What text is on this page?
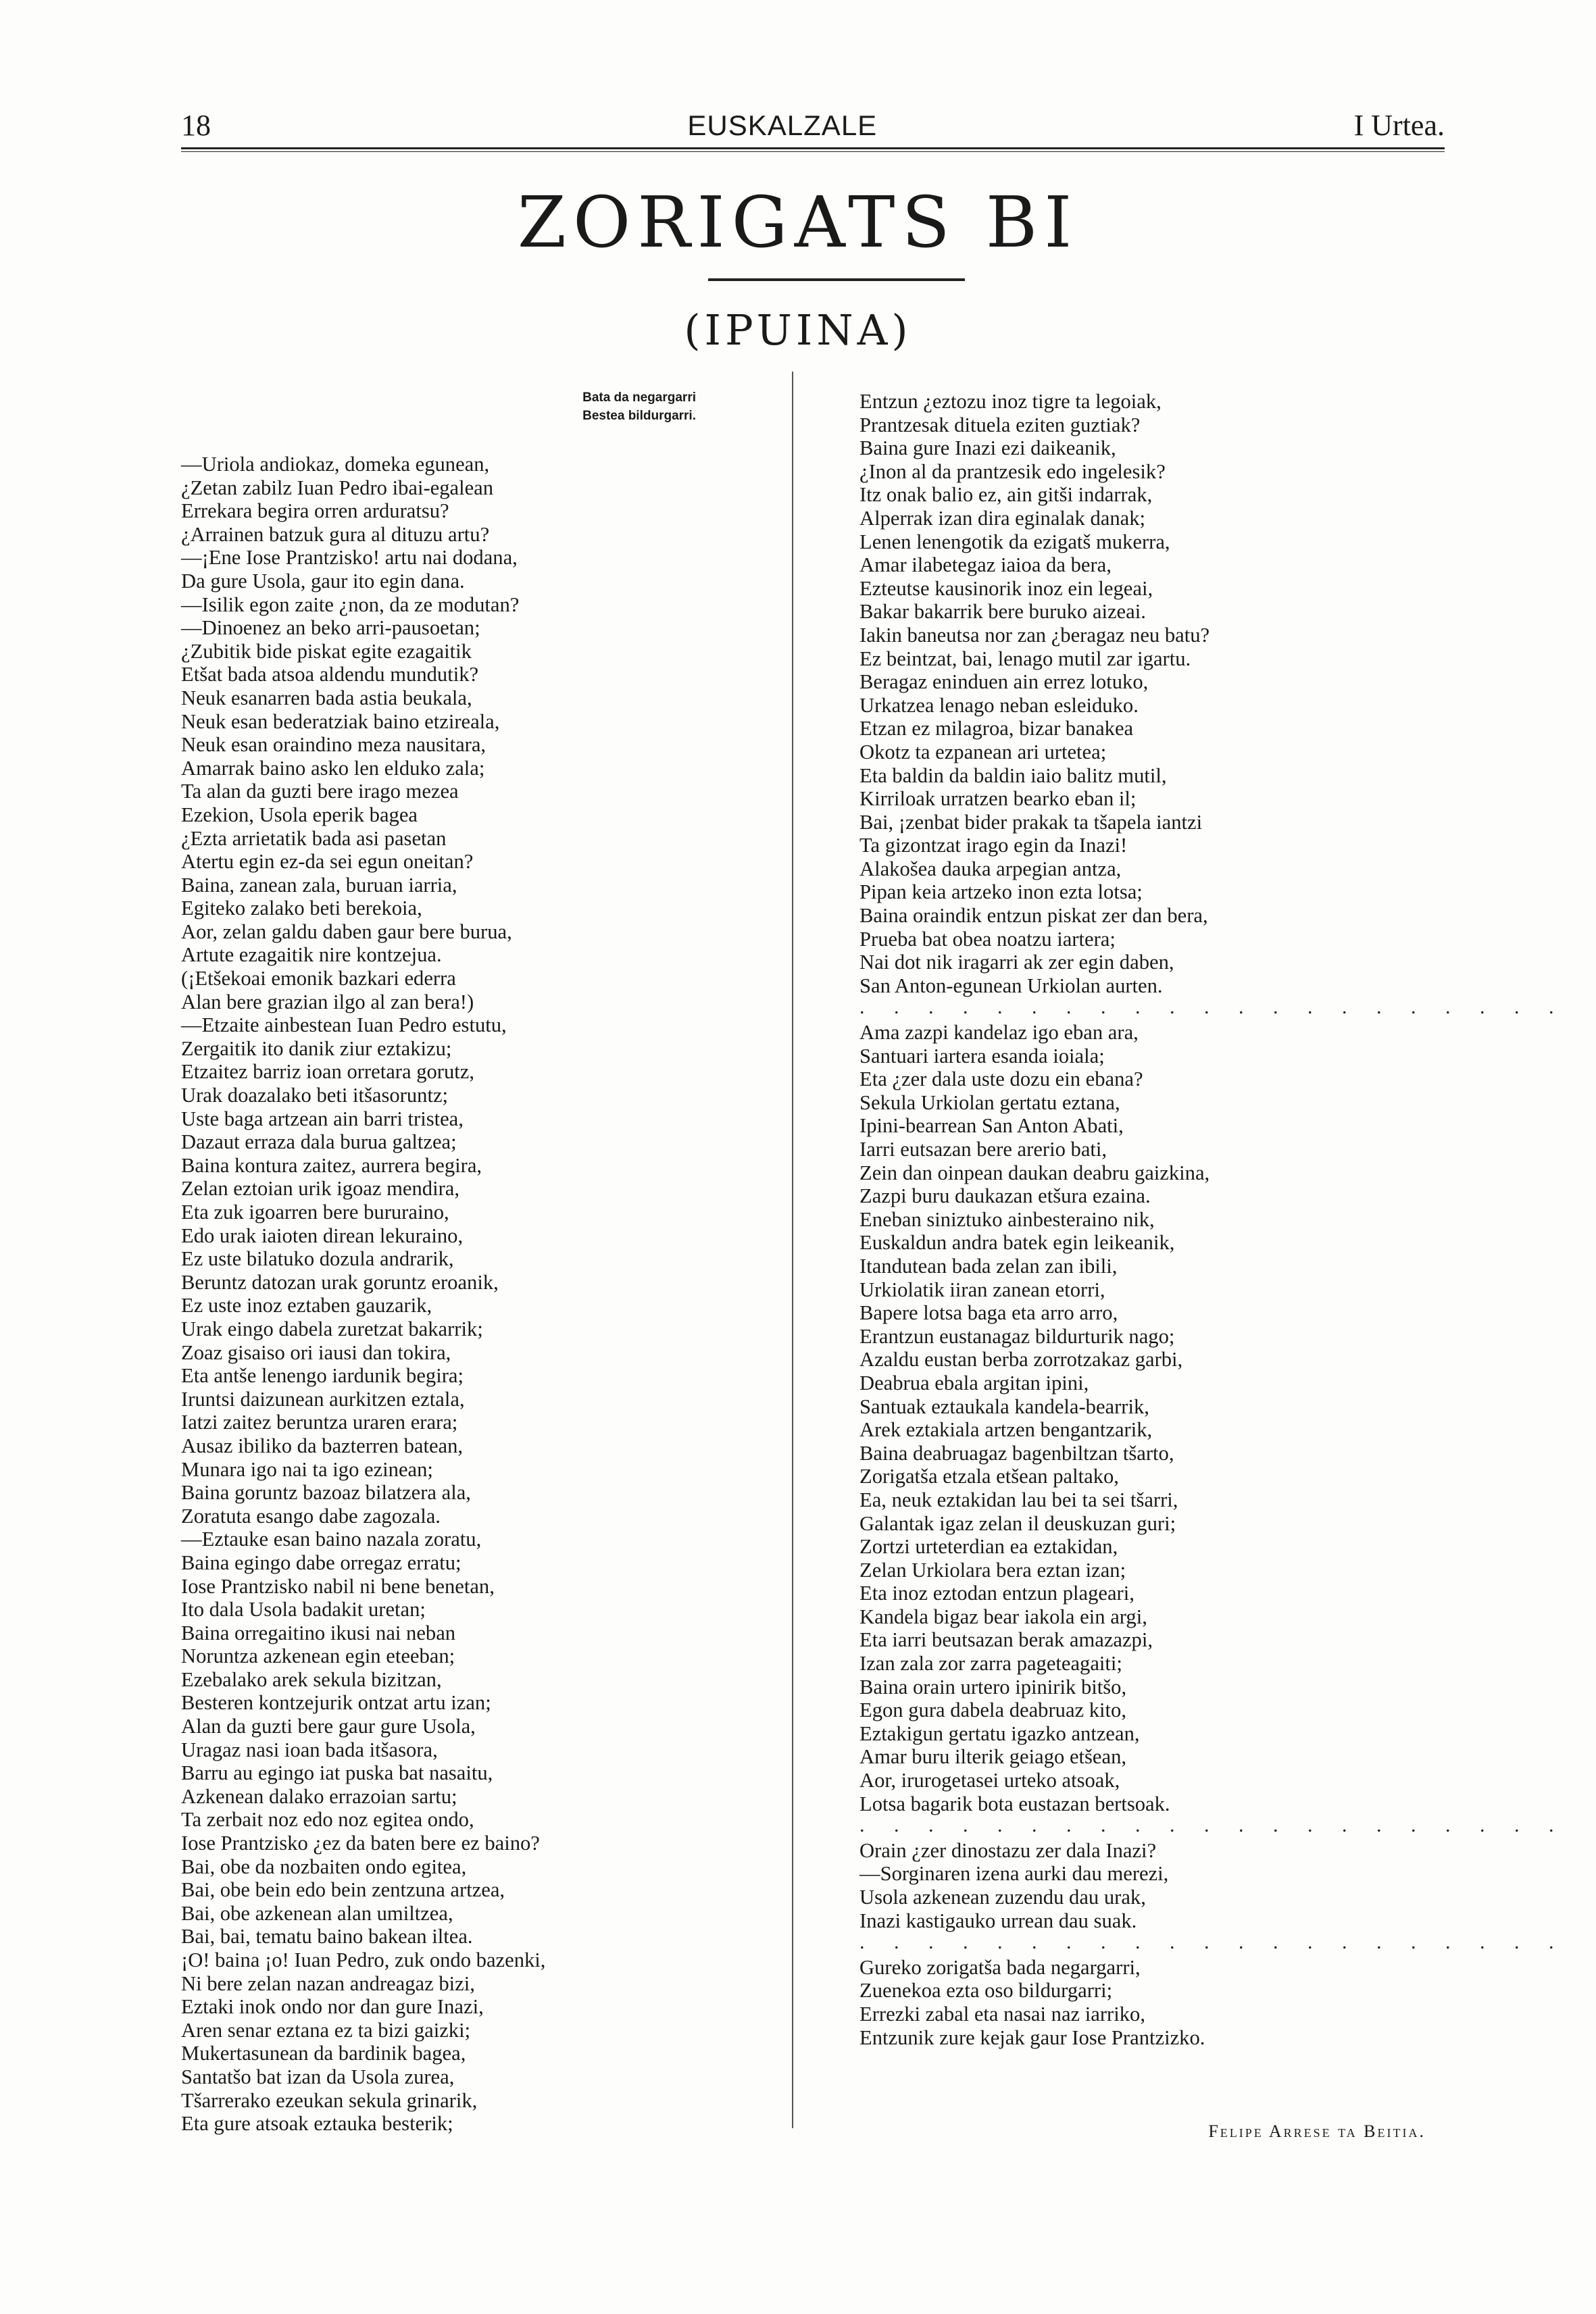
18	EUSKALZALE	I Urtea.
ZORIGATS BI
(IPUINA)
Bata da negargarri
Bestea bildurgarri.
—Uriola andiokaz, domeka egunean,
¿Zetan zabilz Iuan Pedro ibai-egalean
Errekara begira orren arduratsu?
¿Arrainen batzuk gura al dituzu artu?
—¡Ene Iose Prantzisko! artu nai dodana,
Da gure Usola, gaur ito egin dana.
—Isilik egon zaite ¿non, da ze modutan?
—Dinoenez an beko arri-pausoetan;
¿Zubitik bide piskat egite ezagaitik
Etšat bada atsoa aldendu mundutik?
Neuk esanarren bada astia beukala,
Neuk esan bederatziak baino etzireala,
Neuk esan oraindino meza nausitara,
Amarrak baino asko len elduko zala;
Ta alan da guzti bere irago mezea
Ezekion, Usola eperik bagea
¿Ezta arrietatik bada asi pasetan
Atertu egin ez-da sei egun oneitan?
Baina, zanean zala, buruan iarria,
Egiteko zalako beti berekoia,
Aor, zelan galdu daben gaur bere burua,
Artute ezagaitik nire kontzejua.
(¡Etšekoai emonik bazkari ederra
Alan bere grazian ilgo al zan bera!)
—Etzaite ainbestean Iuan Pedro estutu,
Zergaitik ito danik ziur eztakizu;
Etzaitez barriz ioan orretara gorutz,
Urak doazalako beti itšasoruntz;
Uste baga artzean ain barri tristea,
Dazaut erraza dala burua galtzea;
Baina kontura zaitez, aurrera begira,
Zelan eztoian urik igoaz mendira,
Eta zuk igoarren bere bururaino,
Edo urak iaioten direan lekuraino,
Ez uste bilatuko dozula andrarik,
Beruntz datozan urak goruntz eroanik,
Ez uste inoz eztaben gauzarik,
Urak eingo dabela zuretzat bakarrik;
Zoaz gisaiso ori iausi dan tokira,
Eta antše lenengo iardunik begira;
Iruntsi daizunean aurkitzen eztala,
Iatzi zaitez beruntza uraren erara;
Ausaz ibiliko da bazterren batean,
Munara igo nai ta igo ezinean;
Baina goruntz bazoaz bilatzera ala,
Zoratuta esango dabe zagozala.
—Eztauke esan baino nazala zoratu,
Baina egingo dabe orregaz erratu;
Iose Prantzisko nabil ni bene benetan,
Ito dala Usola badakit uretan;
Baina orregaitino ikusi nai neban
Noruntza azkenean egin eteeban;
Ezebalako arek sekula bizitzan,
Besteren kontzejurik ontzat artu izan;
Alan da guzti bere gaur gure Usola,
Uragaz nasi ioan bada itšasora,
Barru au egingo iat puska bat nasaitu,
Azkenean dalako errazoian sartu;
Ta zerbait noz edo noz egitea ondo,
Iose Prantzisko ¿ez da baten bere ez baino?
Bai, obe da nozbaiten ondo egitea,
Bai, obe bein edo bein zentzuna artzea,
Bai, obe azkenean alan umiltzea,
Bai, bai, tematu baino bakean iltea.
¡O! baina ¡o! Iuan Pedro, zuk ondo bazenki,
Ni bere zelan nazan andreagaz bizi,
Eztaki inok ondo nor dan gure Inazi,
Aren senar eztana ez ta bizi gaizki;
Mukertasunean da bardinik bagea,
Santatšo bat izan da Usola zurea,
Tšarrerako ezeukan sekula grinarik,
Eta gure atsoak eztauka besterik;
Entzun ¿eztozu inoz tigre ta legoiak,
Prantzesak dituela eziten guztiak?
Baina gure Inazi ezi daikeanik,
¿Inon al da prantzesik edo ingelesik?
Itz onak balio ez, ain gitši indarrak,
Alperrak izan dira eginalak danak;
Lenen lenengotik da ezigatš mukerra,
Amar ilabetegaz iaioa da bera,
Ezteutse kausinorik inoz ein legeai,
Bakar bakarrik bere buruko aizeai.
Iakin baneutsa nor zan ¿beragaz neu batu?
Ez beintzat, bai, lenago mutil zar igartu.
Beragaz eninduen ain errez lotuko,
Urkatzea lenago neban esleiduko.
Etzan ez milagroa, bizar banakea
Okotz ta ezpanean ari urtetea;
Eta baldin da baldin iaio balitz mutil,
Kirriloak urratzen bearko eban il;
Bai, ¡zenbat bider prakak ta tšapela iantzi
Ta gizontzat irago egin da Inazi!
Alakošea dauka arpegian antza,
Pipan keia artzeko inon ezta lotsa;
Baina oraindik entzun piskat zer dan bera,
Prueba bat obea noatzu iartera;
Nai dot nik iragarri ak zer egin daben,
San Anton-egunean Urkiolan aurten.
. . . . . . . . . . . . . . . . . . . . .
Ama zazpi kandelaz igo eban ara,
Santuari iartera esanda ioiala;
Eta ¿zer dala uste dozu ein ebana?
Sekula Urkiolan gertatu eztana,
Ipini-bearrean San Anton Abati,
Iarri eutsazan bere arerio bati,
Zein dan oinpean daukan deabru gaizkina,
Zazpi buru daukazan etšura ezaina.
Eneban siniztuko ainbesteraino nik,
Euskaldun andra batek egin leikeanik,
Itandutean bada zelan zan ibili,
Urkiolatik iiran zanean etorri,
Bapere lotsa baga eta arro arro,
Erantzun eustanagaz bildurturik nago;
Azaldu eustan berba zorrotzakaz garbi,
Deabrua ebala argitan ipini,
Santuak eztaukala kandela-bearrik,
Arek eztakiala artzen bengantzarik,
Baina deabruagaz bagenbiltzan tšarto,
Zorigatša etzala etšean paltako,
Ea, neuk eztakidan lau bei ta sei tšarri,
Galantak igaz zelan il deuskuzan guri;
Zortzi urteterdian ea eztakidan,
Zelan Urkiolara bera eztan izan;
Eta inoz eztodan entzun plageari,
Kandela bigaz bear iakola ein argi,
Eta iarri beutsazan berak amazazpi,
Izan zala zor zarra pageteagaiti;
Baina orain urtero ipinirik bitšo,
Egon gura dabela deabruaz kito,
Eztakigun gertatu igazko antzean,
Amar buru ilterik geiago etšean,
Aor, irurogetasei urteko atsoak,
Lotsa bagarik bota eustazan bertsoak.
. . . . . . . . . . . . . . . . . . . . .
Orain ¿zer dinostazu zer dala Inazi?
—Sorginaren izena aurki dau merezi,
Usola azkenean zuzendu dau urak,
Inazi kastigauko urrean dau suak.
. . . . . . . . . . . . . . . . . . . . .
Gureko zorigatša bada negargarri,
Zuenekoa ezta oso bildurgarri;
Errezki zabal eta nasai naz iarriko,
Entzunik zure kejak gaur Iose Prantzizko.
Felipe Arrese ta Beitia.
